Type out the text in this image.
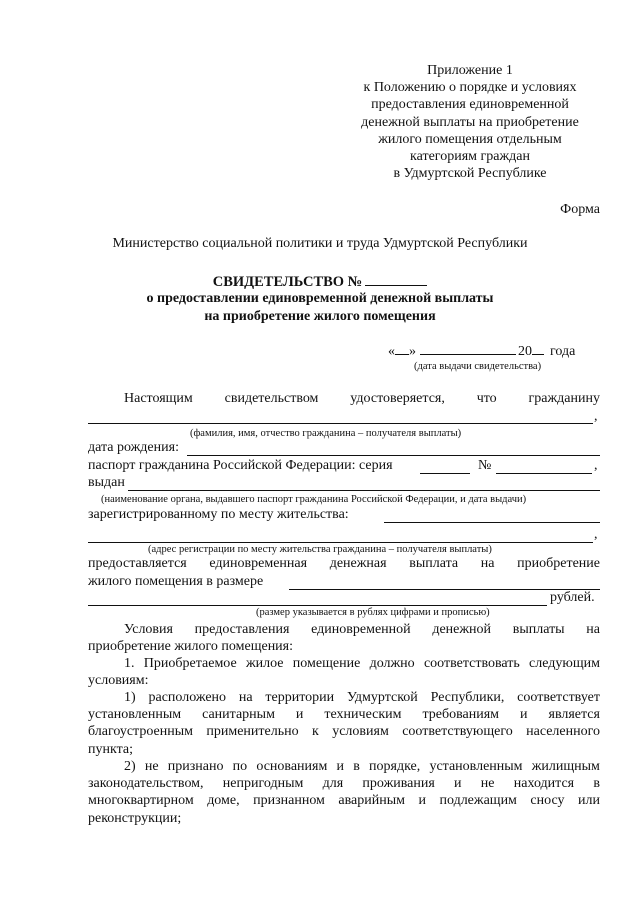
Приложение 1
к Положению о порядке и условиях
предоставления единовременной
денежной выплаты на приобретение
жилого помещения отдельным
категориям граждан
в Удмуртской Республике
Форма
Министерство социальной политики и труда Удмуртской Республики
СВИДЕТЕЛЬСТВО №
о предоставлении единовременной денежной выплаты
на приобретение жилого помещения
« »	20 года
(дата выдачи свидетельства)
Настоящим свидетельством удостоверяется, что гражданину
,
(фамилия, имя, отчество гражданина – получателя выплаты)
дата рождения:
паспорт гражданина Российской Федерации: серия	№	,
выдан
(наименование органа, выдавшего паспорт гражданина Российской Федерации, и дата выдачи)
зарегистрированному по месту жительства:
,
(адрес регистрации по месту жительства гражданина – получателя выплаты)
предоставляется единовременная денежная выплата на приобретение
жилого помещения в размере
рублей.
(размер указывается в рублях цифрами и прописью)
Условия предоставления единовременной денежной выплаты на
приобретение жилого помещения:
1. Приобретаемое жилое помещение должно соответствовать следующим
условиям:
1) расположено на территории Удмуртской Республики, соответствует
установленным санитарным и техническим требованиям и является
благоустроенным применительно к условиям соответствующего населенного
пункта;
2) не признано по основаниям и в порядке, установленным жилищным
законодательством, непригодным для проживания и не находится в
многоквартирном доме, признанном аварийным и подлежащим сносу или
реконструкции;
